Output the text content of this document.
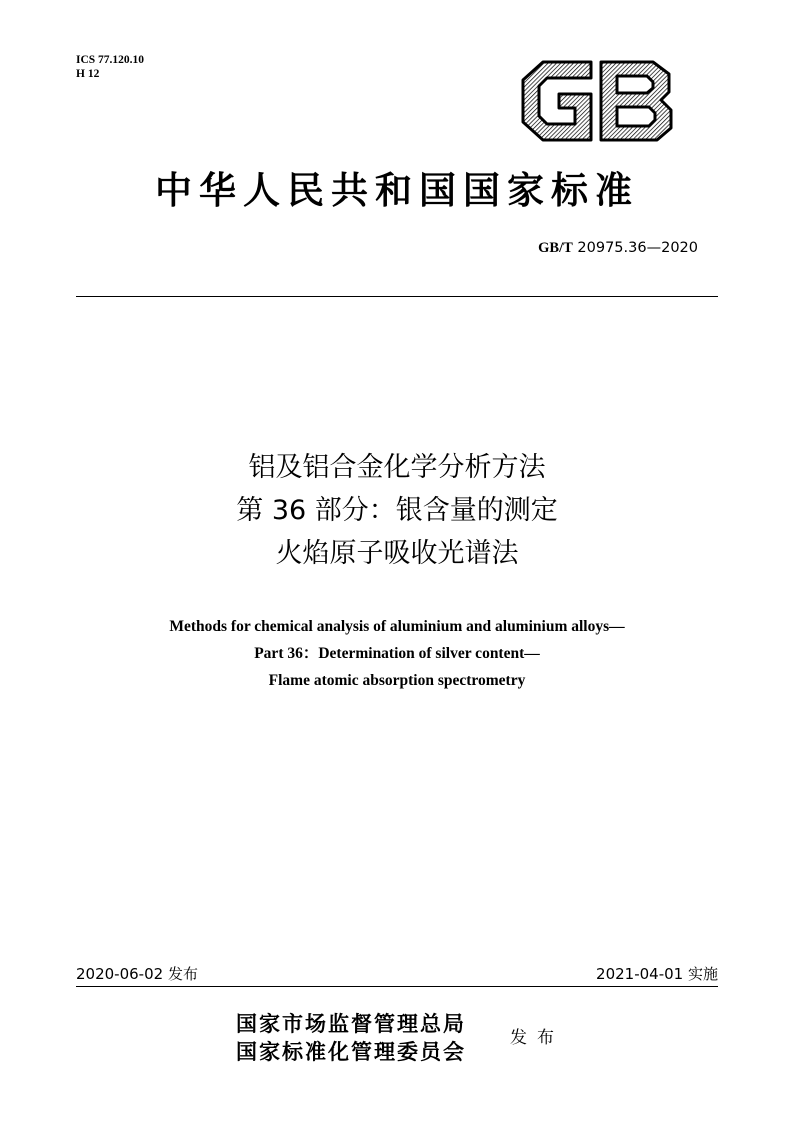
ICS 77.120.10
H 12
GB
中华人民共和国国家标准
GB/T 20975.36—2020
铝及铝合金化学分析方法
第 36 部分：银含量的测定
火焰原子吸收光谱法
Methods for chemical analysis of aluminium and aluminium alloys—
Part 36：Determination of silver content—
Flame atomic absorption spectrometry
2020-06-02 发布	2021-04-01 实施
国家市场监督管理总局
国家标准化管理委员会
发布
